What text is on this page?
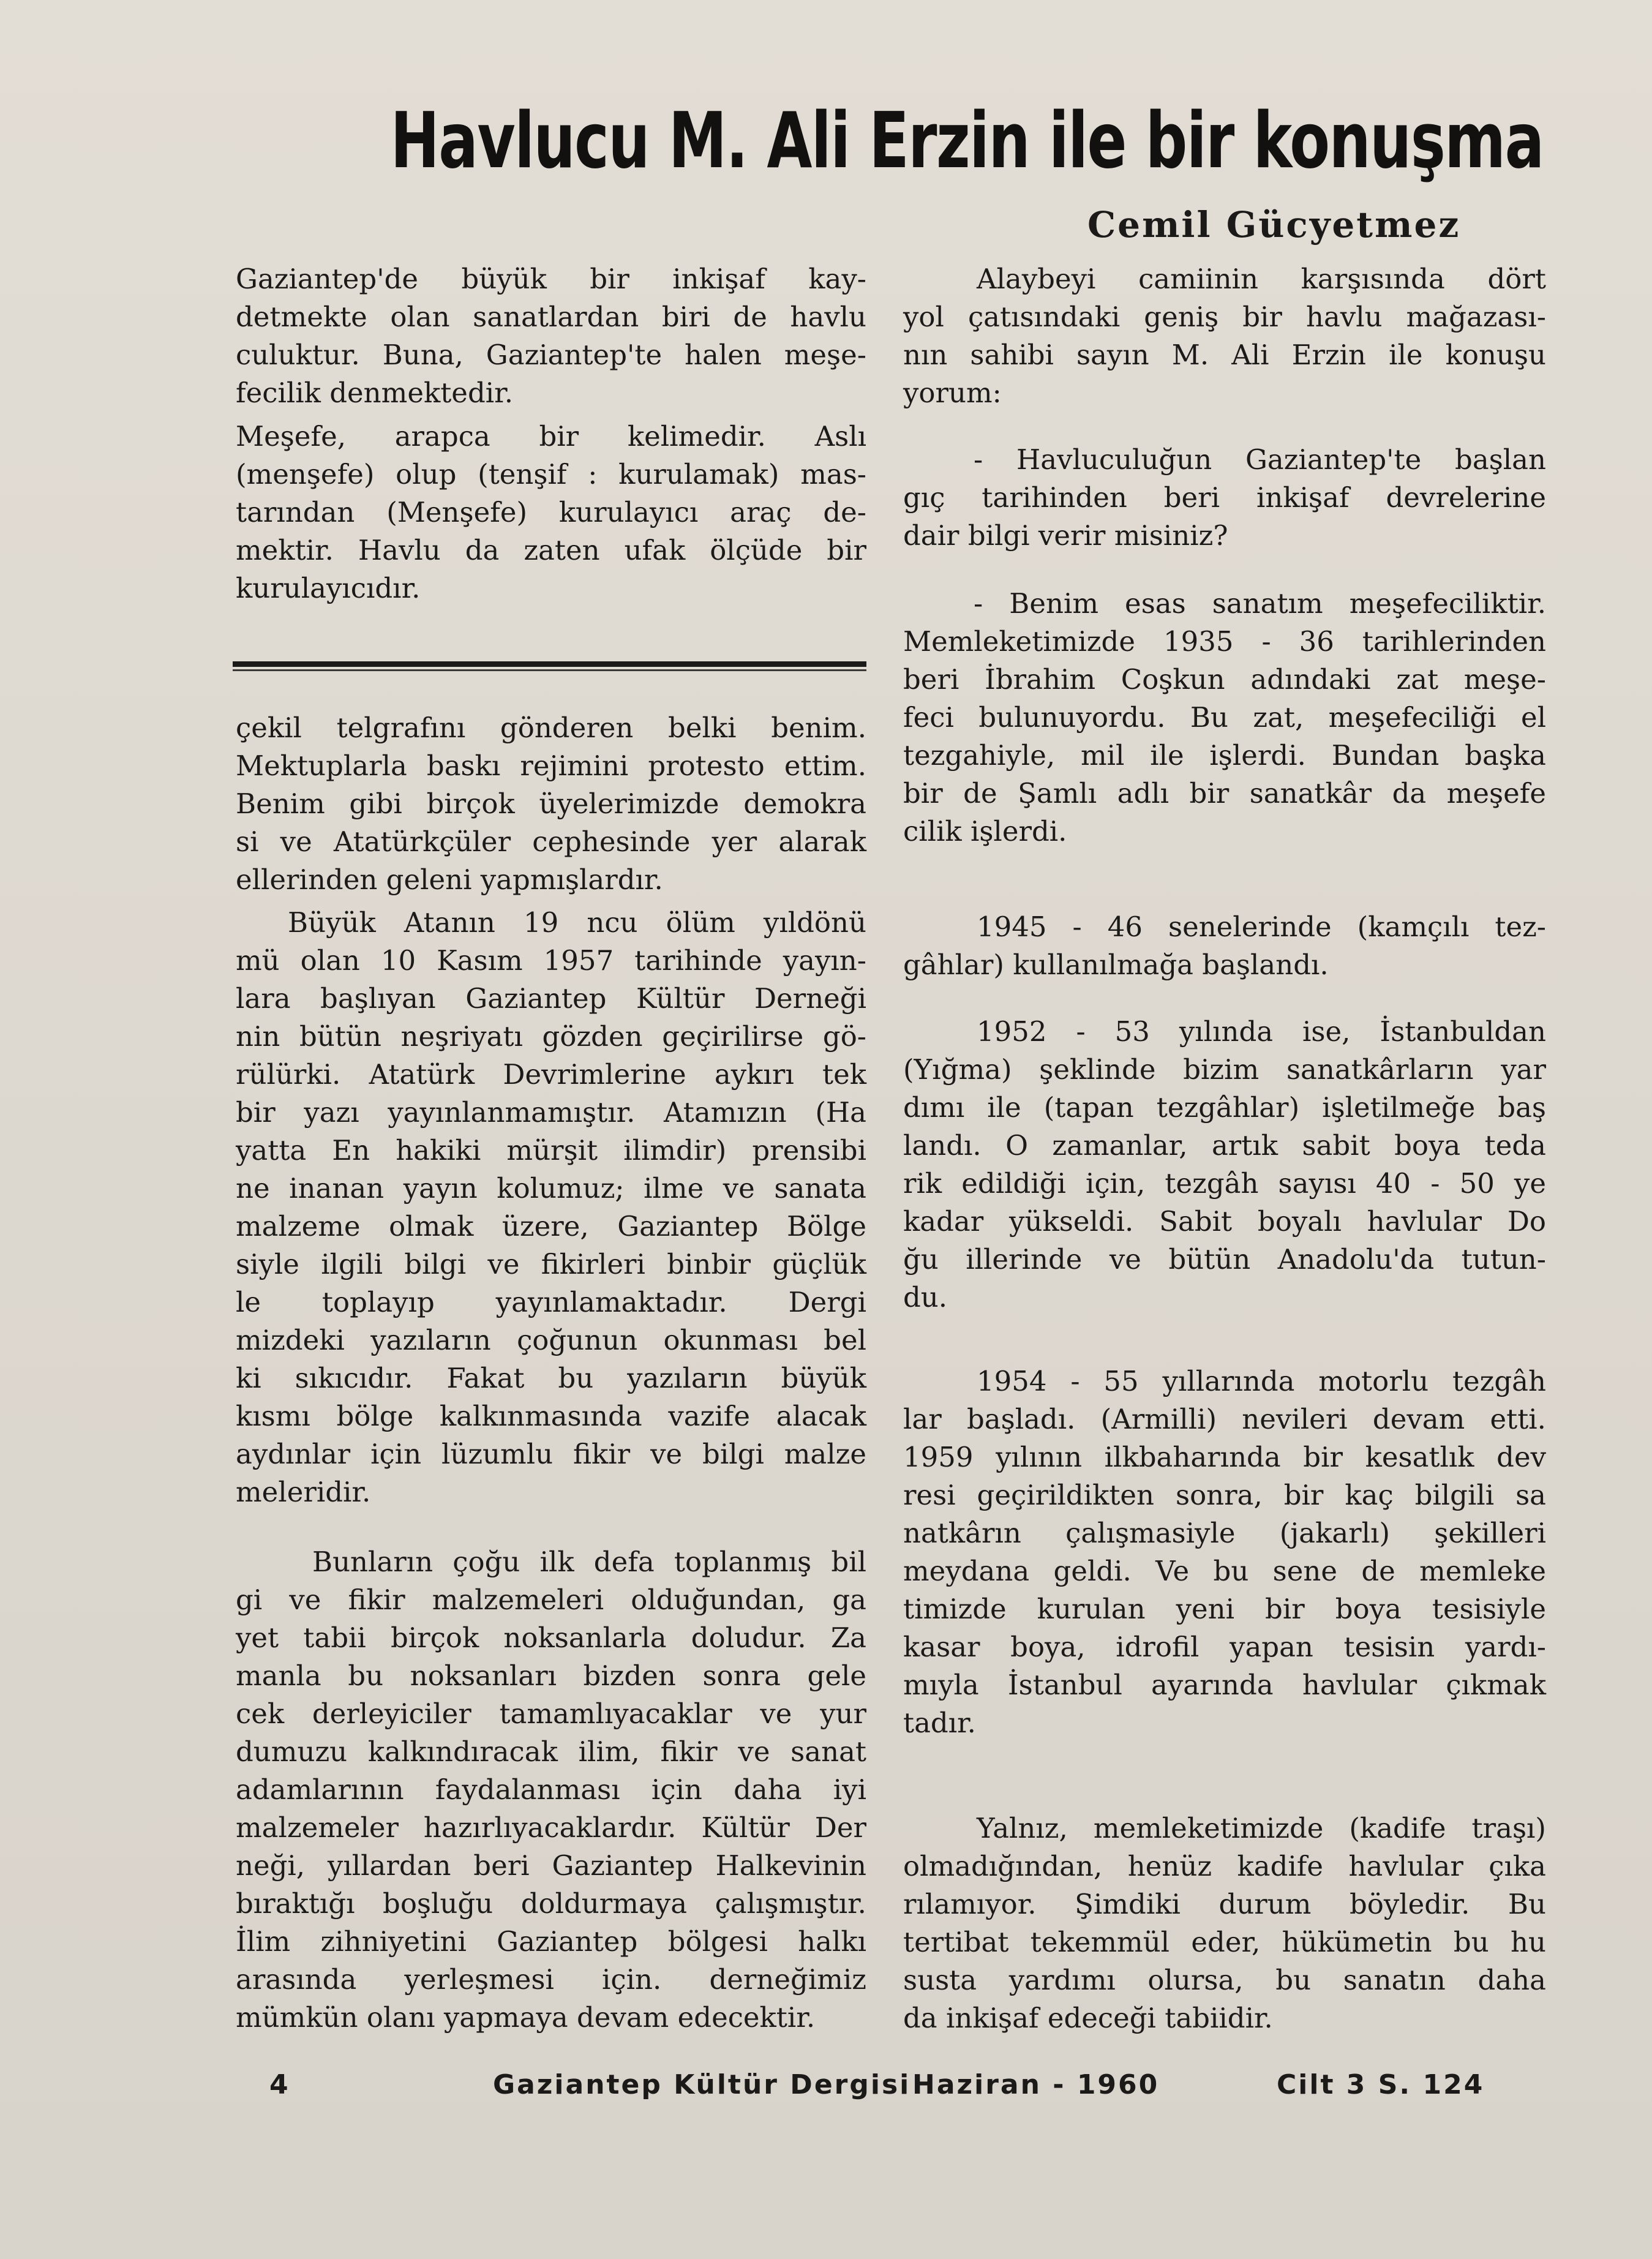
Havlucu M. Ali Erzin ile bir konuşma
Cemil Gücyetmez

Gaziantep'de büyük bir inkişaf kay-
detmekte olan sanatlardan biri de havlu
culuktur. Buna, Gaziantep'te halen meşe-
fecilik denmektedir.

Meşefe, arapca bir kelimedir. Aslı
(menşefe) olup (tenşif : kurulamak) mas-
tarından (Menşefe) kurulayıcı araç de-
mektir. Havlu da zaten ufak ölçüde bir
kurulayıcıdır.

çekil telgrafını gönderen belki benim.
Mektuplarla baskı rejimini protesto ettim.
Benim gibi birçok üyelerimizde demokra
si ve Atatürkçüler cephesinde yer alarak
ellerinden geleni yapmışlardır.

Büyük Atanın 19 ncu ölüm yıldönü
mü olan 10 Kasım 1957 tarihinde yayın-
lara başlıyan Gaziantep Kültür Derneği
nin bütün neşriyatı gözden geçirilirse gö-
rülürki. Atatürk Devrimlerine aykırı tek
bir yazı yayınlanmamıştır. Atamızın (Ha
yatta En hakiki mürşit ilimdir) prensibi
ne inanan yayın kolumuz; ilme ve sanata
malzeme olmak üzere, Gaziantep Bölge
siyle ilgili bilgi ve fikirleri binbir güçlük
le toplayıp yayınlamaktadır. Dergi
mizdeki yazıların çoğunun okunması bel
ki sıkıcıdır. Fakat bu yazıların büyük
kısmı bölge kalkınmasında vazife alacak
aydınlar için lüzumlu fikir ve bilgi malze
meleridir.

Bunların çoğu ilk defa toplanmış bil
gi ve fikir malzemeleri olduğundan, ga
yet tabii birçok noksanlarla doludur. Za
manla bu noksanları bizden sonra gele
cek derleyiciler tamamlıyacaklar ve yur
dumuzu kalkındıracak ilim, fikir ve sanat
adamlarının faydalanması için daha iyi
malzemeler hazırlıyacaklardır. Kültür Der
neği, yıllardan beri Gaziantep Halkevinin
bıraktığı boşluğu doldurmaya çalışmıştır.
İlim zihniyetini Gaziantep bölgesi halkı
arasında yerleşmesi için. derneğimiz
mümkün olanı yapmaya devam edecektir.

Alaybeyi camiinin karşısında dört
yol çatısındaki geniş bir havlu mağazası-
nın sahibi sayın M. Ali Erzin ile konuşu
yorum:

- Havluculuğun Gaziantep'te başlan
gıç tarihinden beri inkişaf devrelerine
dair bilgi verir misiniz?

- Benim esas sanatım meşefeciliktir.
Memleketimizde 1935 - 36 tarihlerinden
beri İbrahim Coşkun adındaki zat meşe-
feci bulunuyordu. Bu zat, meşefeciliği el
tezgahiyle, mil ile işlerdi. Bundan başka
bir de Şamlı adlı bir sanatkâr da meşefe
cilik işlerdi.

1945 - 46 senelerinde (kamçılı tez-
gâhlar) kullanılmağa başlandı.

1952 - 53 yılında ise, İstanbuldan
(Yığma) şeklinde bizim sanatkârların yar
dımı ile (tapan tezgâhlar) işletilmeğe baş
landı. O zamanlar, artık sabit boya teda
rik edildiği için, tezgâh sayısı 40 - 50 ye
kadar yükseldi. Sabit boyalı havlular Do
ğu illerinde ve bütün Anadolu'da tutun-
du.

1954 - 55 yıllarında motorlu tezgâh
lar başladı. (Armilli) nevileri devam etti.
1959 yılının ilkbaharında bir kesatlık dev
resi geçirildikten sonra, bir kaç bilgili sa
natkârın çalışmasiyle (jakarlı) şekilleri
meydana geldi. Ve bu sene de memleke
timizde kurulan yeni bir boya tesisiyle
kasar boya, idrofil yapan tesisin yardı-
mıyla İstanbul ayarında havlular çıkmak
tadır.

Yalnız, memleketimizde (kadife traşı)
olmadığından, henüz kadife havlular çıka
rılamıyor. Şimdiki durum böyledir. Bu
tertibat tekemmül eder, hükümetin bu hu
susta yardımı olursa, bu sanatın daha
da inkişaf edeceği tabiidir.

4	Gaziantep Kültür Dergisi Haziran - 1960	Cilt 3 S. 124
